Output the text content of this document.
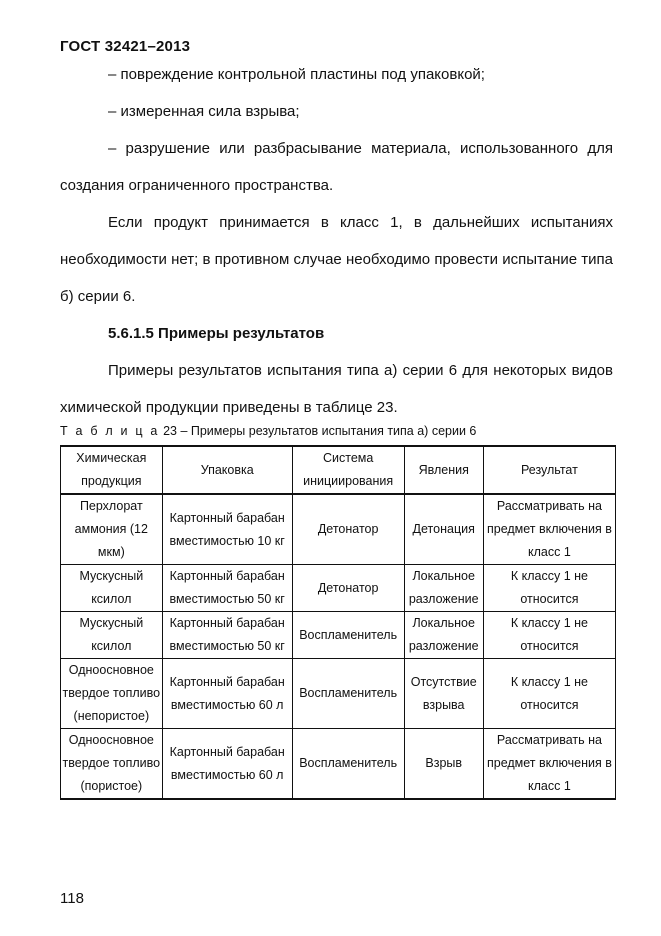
ГОСТ 32421–2013
– повреждение контрольной пластины под упаковкой;
– измеренная сила взрыва;
– разрушение или разбрасывание материала, использованного для создания ограниченного пространства.
Если продукт принимается в класс 1, в дальнейших испытаниях необходимости нет; в противном случае необходимо провести испытание типа б) серии 6.
5.6.1.5 Примеры результатов
Примеры результатов испытания типа а) серии 6 для некоторых видов химической продукции приведены в таблице 23.
Т а б л и ц а 23 – Примеры результатов испытания типа а) серии 6
Химическая продукция	Упаковка	Система инициирования	Явления	Результат
Перхлорат аммония (12 мкм)	Картонный барабан вместимостью 10 кг	Детонатор	Детонация	Рассматривать на предмет включения в класс 1
Мускусный ксилол	Картонный барабан вместимостью 50 кг	Детонатор	Локальное разложение	К классу 1 не относится
Мускусный ксилол	Картонный барабан вместимостью 50 кг	Воспламенитель	Локальное разложение	К классу 1 не относится
Одноосновное твердое топливо (непористое)	Картонный барабан вместимостью 60 л	Воспламенитель	Отсутствие взрыва	К классу 1 не относится
Одноосновное твердое топливо (пористое)	Картонный барабан вместимостью 60 л	Воспламенитель	Взрыв	Рассматривать на предмет включения в класс 1
118
